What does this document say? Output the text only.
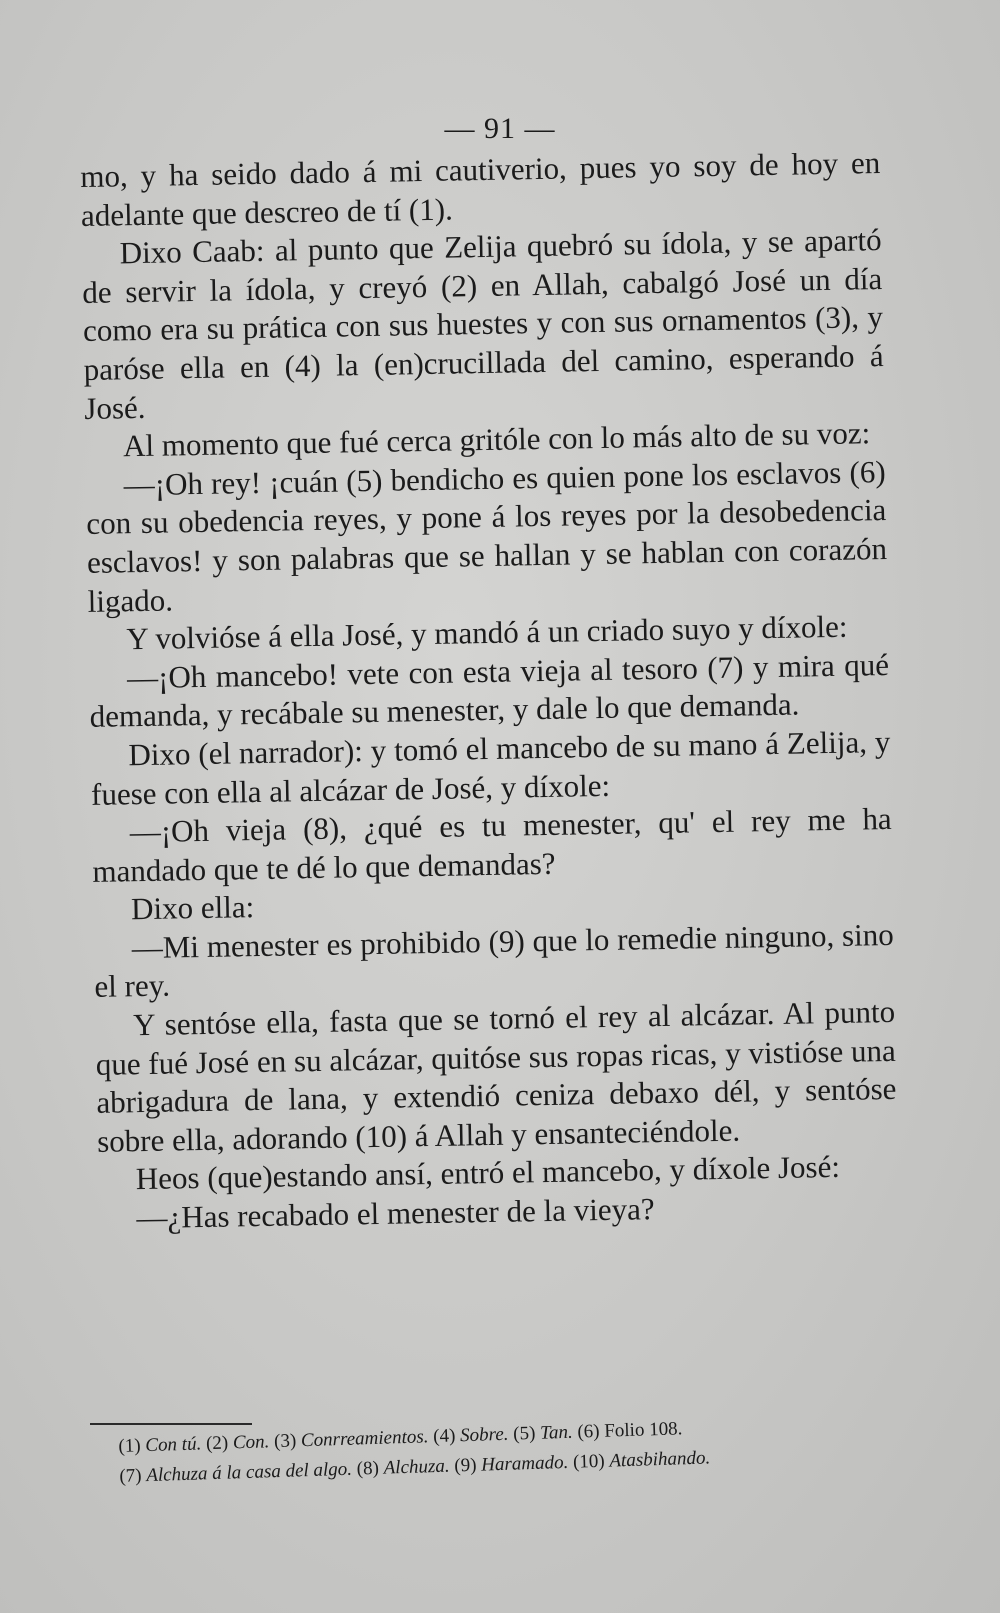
— 91 —

mo, y ha seido dado á mi cautiverio, pues yo soy de hoy en adelante que descreo de tí (1).

Dixo Caab: al punto que Zelija quebró su ídola, y se apartó de servir la ídola, y creyó (2) en Allah, cabalgó José un día como era su prática con sus huestes y con sus ornamentos (3), y paróse ella en (4) la (en)crucillada del camino, esperando á José.

Al momento que fué cerca gritóle con lo más alto de su voz:

—¡Oh rey! ¡cuán (5) bendicho es quien pone los esclavos (6) con su obedencia reyes, y pone á los reyes por la desobedencia esclavos! y son palabras que se hallan y se hablan con corazón ligado.

Y volvióse á ella José, y mandó á un criado suyo y díxole:

—¡Oh mancebo! vete con esta vieja al tesoro (7) y mira qué demanda, y recábale su menester, y dale lo que demanda.

Dixo (el narrador): y tomó el mancebo de su mano á Zelija, y fuese con ella al alcázar de José, y díxole:

—¡Oh vieja (8), ¿qué es tu menester, qu' el rey me ha mandado que te dé lo que demandas?

Dixo ella:

—Mi menester es prohibido (9) que lo remedie ninguno, sino el rey.

Y sentóse ella, fasta que se tornó el rey al alcázar. Al punto que fué José en su alcázar, quitóse sus ropas ricas, y vistióse una abrigadura de lana, y extendió ceniza debaxo dél, y sentóse sobre ella, adorando (10) á Allah y ensanteciéndole.

Heos (que)estando ansí, entró el mancebo, y díxole José:

—¿Has recabado el menester de la vieya?

(1) Con tú. (2) Con. (3) Conrreamientos. (4) Sobre. (5) Tan. (6) Folio 108.

(7) Alchuza á la casa del algo. (8) Alchuza. (9) Haramado. (10) Atasbihando.
